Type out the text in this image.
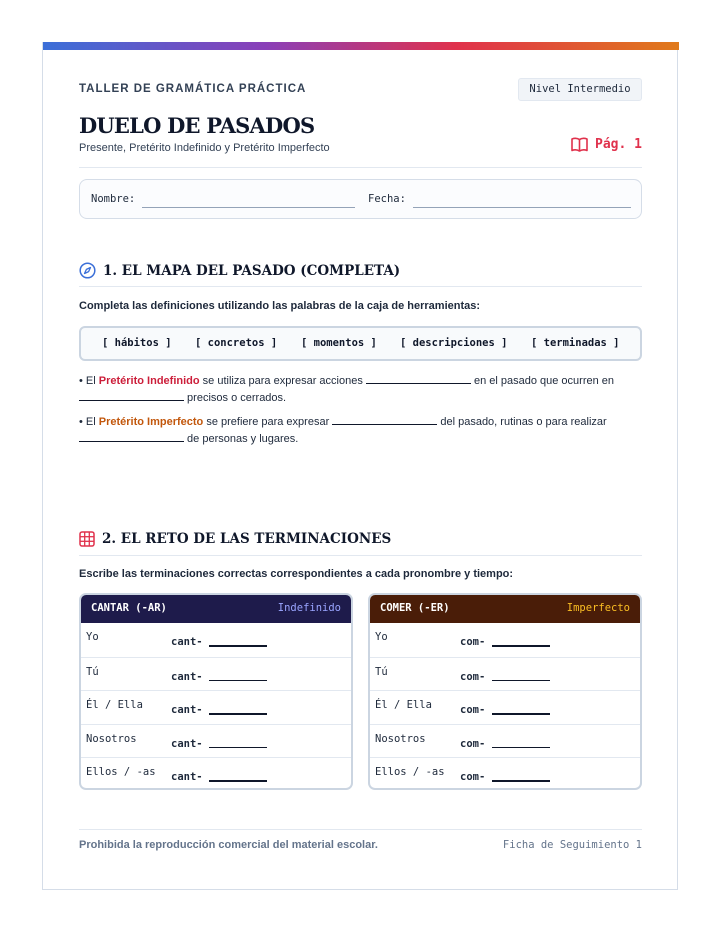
TALLER DE GRAMÁTICA PRÁCTICA	Nivel Intermedio
DUELO DE PASADOS
Presente, Pretérito Indefinido y Pretérito Imperfecto	Pág. 1
Nombre:	Fecha:
1. EL MAPA DEL PASADO (COMPLETA)
Completa las definiciones utilizando las palabras de la caja de herramientas:
[ hábitos ] [ concretos ] [ momentos ] [ descripciones ] [ terminadas ]
• El Pretérito Indefinido se utiliza para expresar acciones	en el pasado que ocurren en  precisos o cerrados.
• El Pretérito Imperfecto se prefiere para expresar	del pasado, rutinas o para realizar  de personas y lugares.
2. EL RETO DE LAS TERMINACIONES
Escribe las terminaciones correctas correspondientes a cada pronombre y tiempo:
CANTAR (-AR)	Indefinido
Yo	cant-
Tú	cant-
Él / Ella	cant-
Nosotros	cant-
Ellos / -as cant-
COMER (-ER)	Imperfecto
Yo	com-
Tú	com-
Él / Ella	com-
Nosotros	com-
Ellos / -as com-
Prohibida la reproducción comercial del material escolar.	Ficha de Seguimiento 1
